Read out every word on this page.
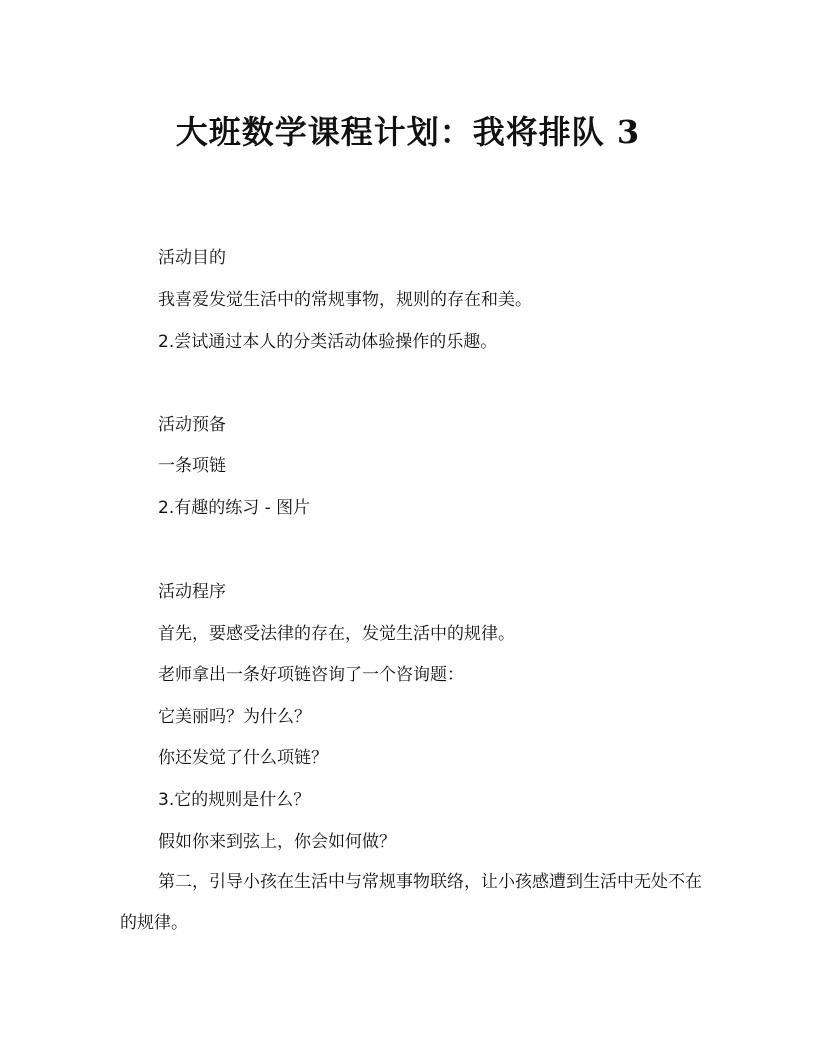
大班数学课程计划：我将排队 3

活动目的

我喜爱发觉生活中的常规事物，规则的存在和美。

2.尝试通过本人的分类活动体验操作的乐趣。

活动预备

一条项链

2.有趣的练习 - 图片

活动程序

首先，要感受法律的存在，发觉生活中的规律。

老师拿出一条好项链咨询了一个咨询题：

它美丽吗？为什么？

你还发觉了什么项链？

3.它的规则是什么？

假如你来到弦上，你会如何做？

第二，引导小孩在生活中与常规事物联络，让小孩感遭到生活中无处不在的规律。
